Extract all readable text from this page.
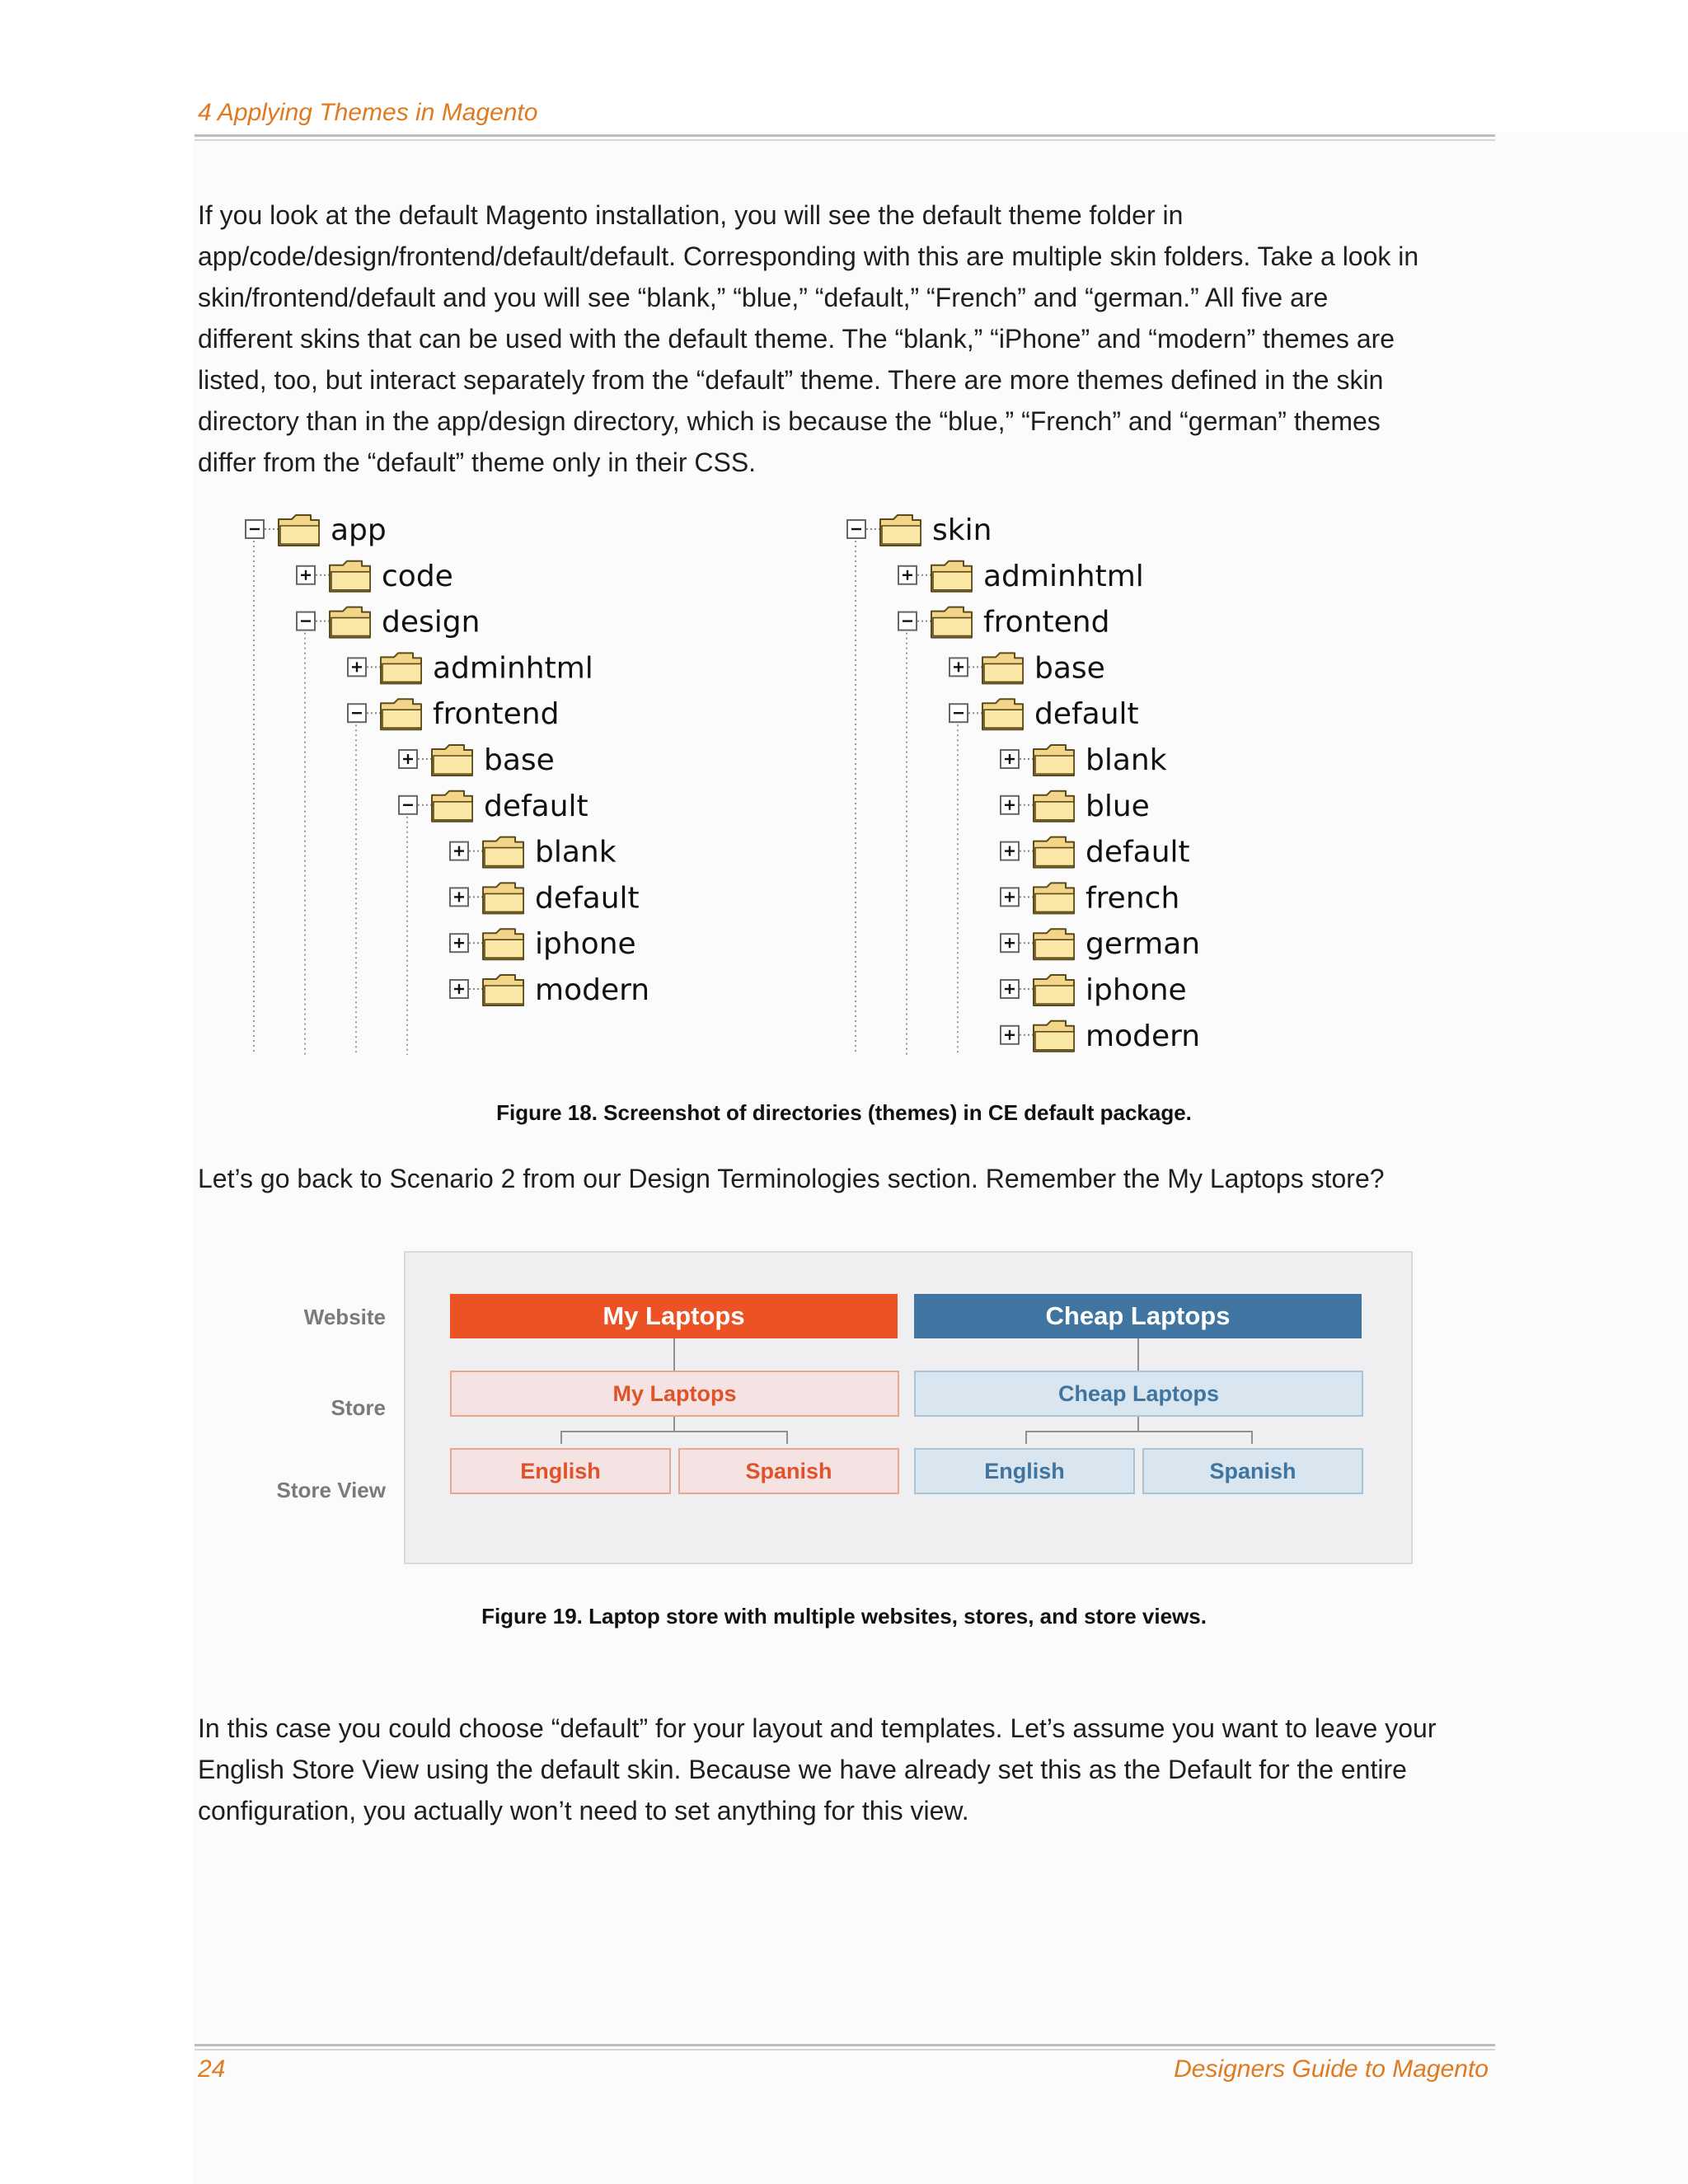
4 Applying Themes in Magento

If you look at the default Magento installation, you will see the default theme folder in

app/code/design/frontend/default/default. Corresponding with this are multiple skin folders. Take a look in

skin/frontend/default and you will see “blank,” “blue,” “default,” “French” and “german.” All five are

different skins that can be used with the default theme. The “blank,” “iPhone” and “modern” themes are

listed, too, but interact separately from the “default” theme. There are more themes defined in the skin

directory than in the app/design directory, which is because the “blue,” “French” and “german” themes

differ from the “default” theme only in their CSS.

app
code
design
adminhtml
frontend
base
default
blank
default
iphone
modern
skin
adminhtml
frontend
base
default
blank
blue
default
french
german
iphone
modern
Figure 18. Screenshot of directories (themes) in CE default package.
Let’s go back to Scenario 2 from our Design Terminologies section. Remember the My Laptops store?
Website
Store
Store View
My Laptops	Cheap Laptops
My Laptops	Cheap Laptops
English	Spanish	English	Spanish
Figure 19. Laptop store with multiple websites, stores, and store views.

In this case you could choose “default” for your layout and templates. Let’s assume you want to leave your

English Store View using the default skin. Because we have already set this as the Default for the entire

configuration, you actually won’t need to set anything for this view.

24	Designers Guide to Magento
